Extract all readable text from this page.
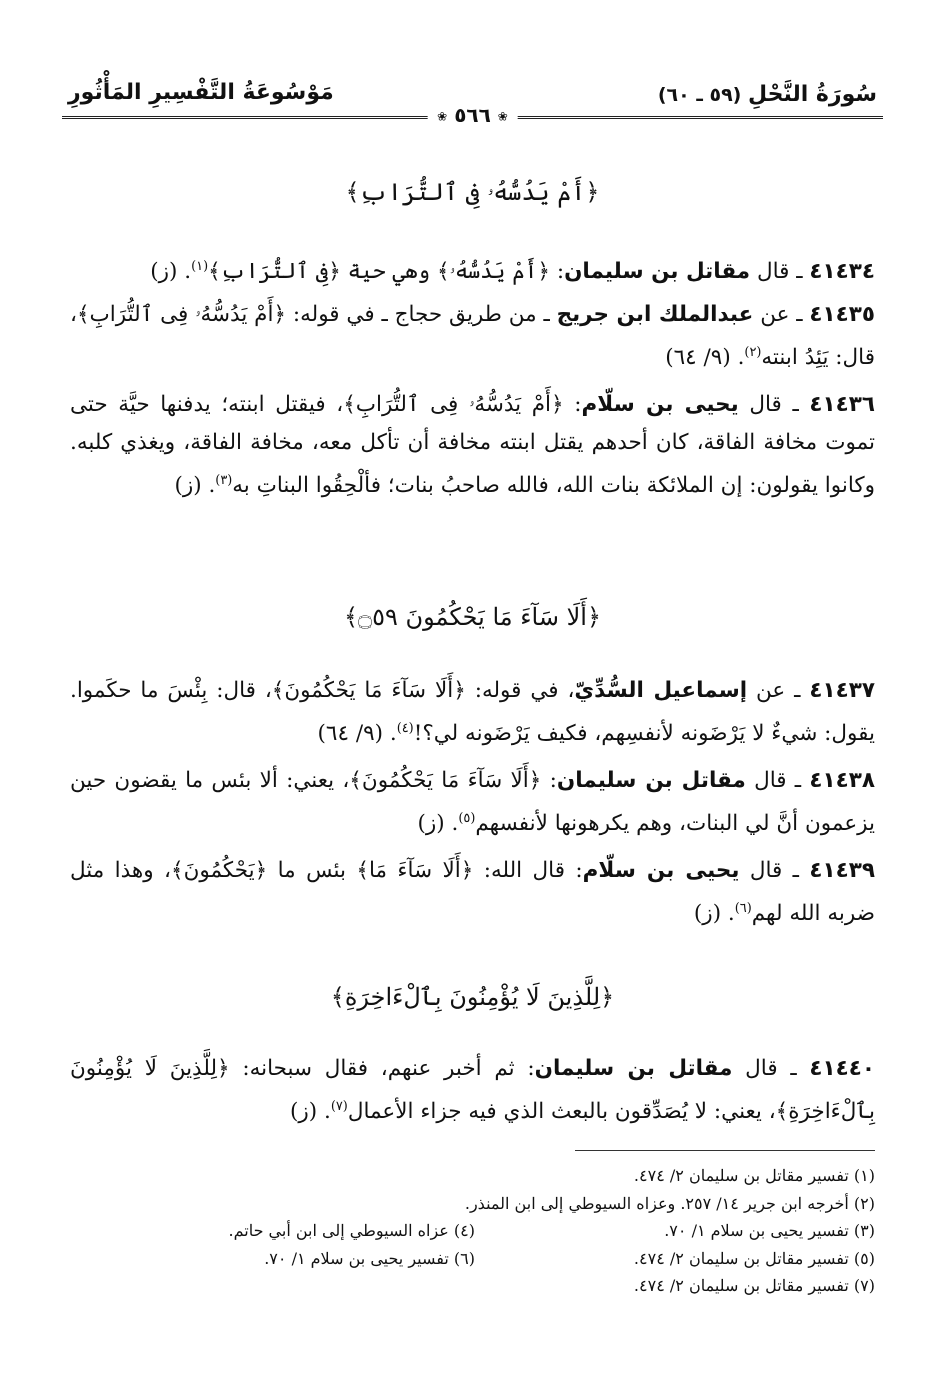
سُورَةُ النَّحْلِ (٥٩ ـ ٦٠)
مَوْسُوعَةُ التَّفْسِيرِ المَأْثُورِ
❀ ٥٦٦ ❀
﴿أَمْ يَدُسُّهُۥ فِى ٱلتُّرَابِ﴾
٤١٤٣٤ ـ قال مقاتل بن سليمان: ﴿أَمْ يَدُسُّهُۥ﴾ وهي حية ﴿فِى ٱلتُّرَابِ﴾$^{(١)}$. (ز)
٤١٤٣٥ ـ عن عبدالملك ابن جريج ـ من طريق حجاج ـ في قوله: ﴿أَمْ يَدُسُّهُۥ فِى ٱلتُّرَابِ﴾، قال: يَئِدُ ابنته$^{(٢)}$. (٩/ ٦٤)
٤١٤٣٦ ـ قال يحيى بن سلّام: ﴿أَمْ يَدُسُّهُۥ فِى ٱلتُّرَابِ﴾، فيقتل ابنته؛ يدفنها حيَّة حتى تموت مخافة الفاقة، كان أحدهم يقتل ابنته مخافة أن تأكل معه، مخافة الفاقة، ويغذي كلبه. وكانوا يقولون: إن الملائكة بنات الله، فالله صاحبُ بنات؛ فألْحِقُوا البناتِ به$^{(٣)}$. (ز)
﴿أَلَا سَآءَ مَا يَحْكُمُونَ ۝٥٩﴾
٤١٤٣٧ ـ عن إسماعيل السُّدِّيّ، في قوله: ﴿أَلَا سَآءَ مَا يَحْكُمُونَ﴾، قال: بِئْسَ ما حكَموا. يقول: شيءٌ لا يَرْضَونه لأنفسِهم، فكيف يَرْضَونه لي؟!$^{(٤)}$. (٩/ ٦٤)
٤١٤٣٨ ـ قال مقاتل بن سليمان: ﴿أَلَا سَآءَ مَا يَحْكُمُونَ﴾، يعني: ألا بئس ما يقضون حين يزعمون أنَّ لي البنات، وهم يكرهونها لأنفسهم$^{(٥)}$. (ز)
٤١٤٣٩ ـ قال يحيى بن سلّام: قال الله: ﴿أَلَا سَآءَ مَا﴾ بئس ما ﴿يَحْكُمُونَ﴾، وهذا مثل ضربه الله لهم$^{(٦)}$. (ز)
﴿لِلَّذِينَ لَا يُؤْمِنُونَ بِٱلْءَاخِرَةِ﴾
٤١٤٤٠ ـ قال مقاتل بن سليمان: ثم أخبر عنهم، فقال سبحانه: ﴿لِلَّذِينَ لَا يُؤْمِنُونَ بِٱلْءَاخِرَةِ﴾، يعني: لا يُصَدِّقون بالبعث الذي فيه جزاء الأعمال$^{(٧)}$. (ز)
(١) تفسير مقاتل بن سليمان ٢/ ٤٧٤.
(٢) أخرجه ابن جرير ١٤/ ٢٥٧. وعزاه السيوطي إلى ابن المنذر.
(٣) تفسير يحيى بن سلام ١/ ٧٠.
(٤) عزاه السيوطي إلى ابن أبي حاتم.
(٥) تفسير مقاتل بن سليمان ٢/ ٤٧٤.
(٦) تفسير يحيى بن سلام ١/ ٧٠.
(٧) تفسير مقاتل بن سليمان ٢/ ٤٧٤.
